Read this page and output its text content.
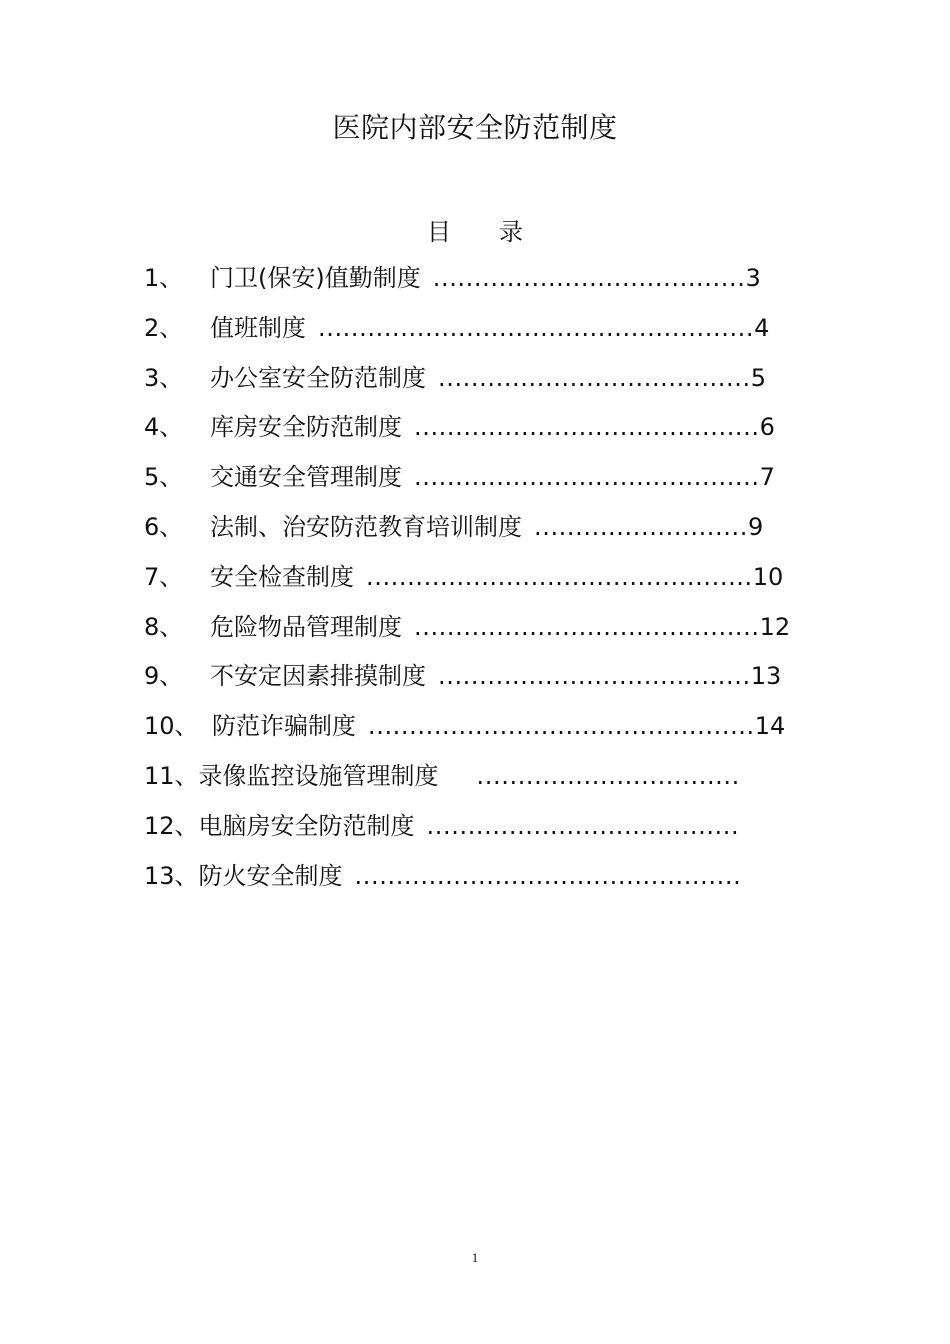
医院内部安全防范制度
目 录
1、 门卫(保安)值勤制度 ......................................3
2、 值班制度 .....................................................4
3、 办公室安全防范制度 ......................................5
4、 库房安全防范制度 ..........................................6
5、 交通安全管理制度 ..........................................7
6、 法制、治安防范教育培训制度 ..........................9
7、 安全检查制度 ...............................................10
8、 危险物品管理制度 ..........................................12
9、 不安定因素排摸制度 ......................................13
10、 防范诈骗制度 ...............................................14
11、录像监控设施管理制度 ................................
12、电脑房安全防范制度 ......................................
13、防火安全制度 ...............................................
1
